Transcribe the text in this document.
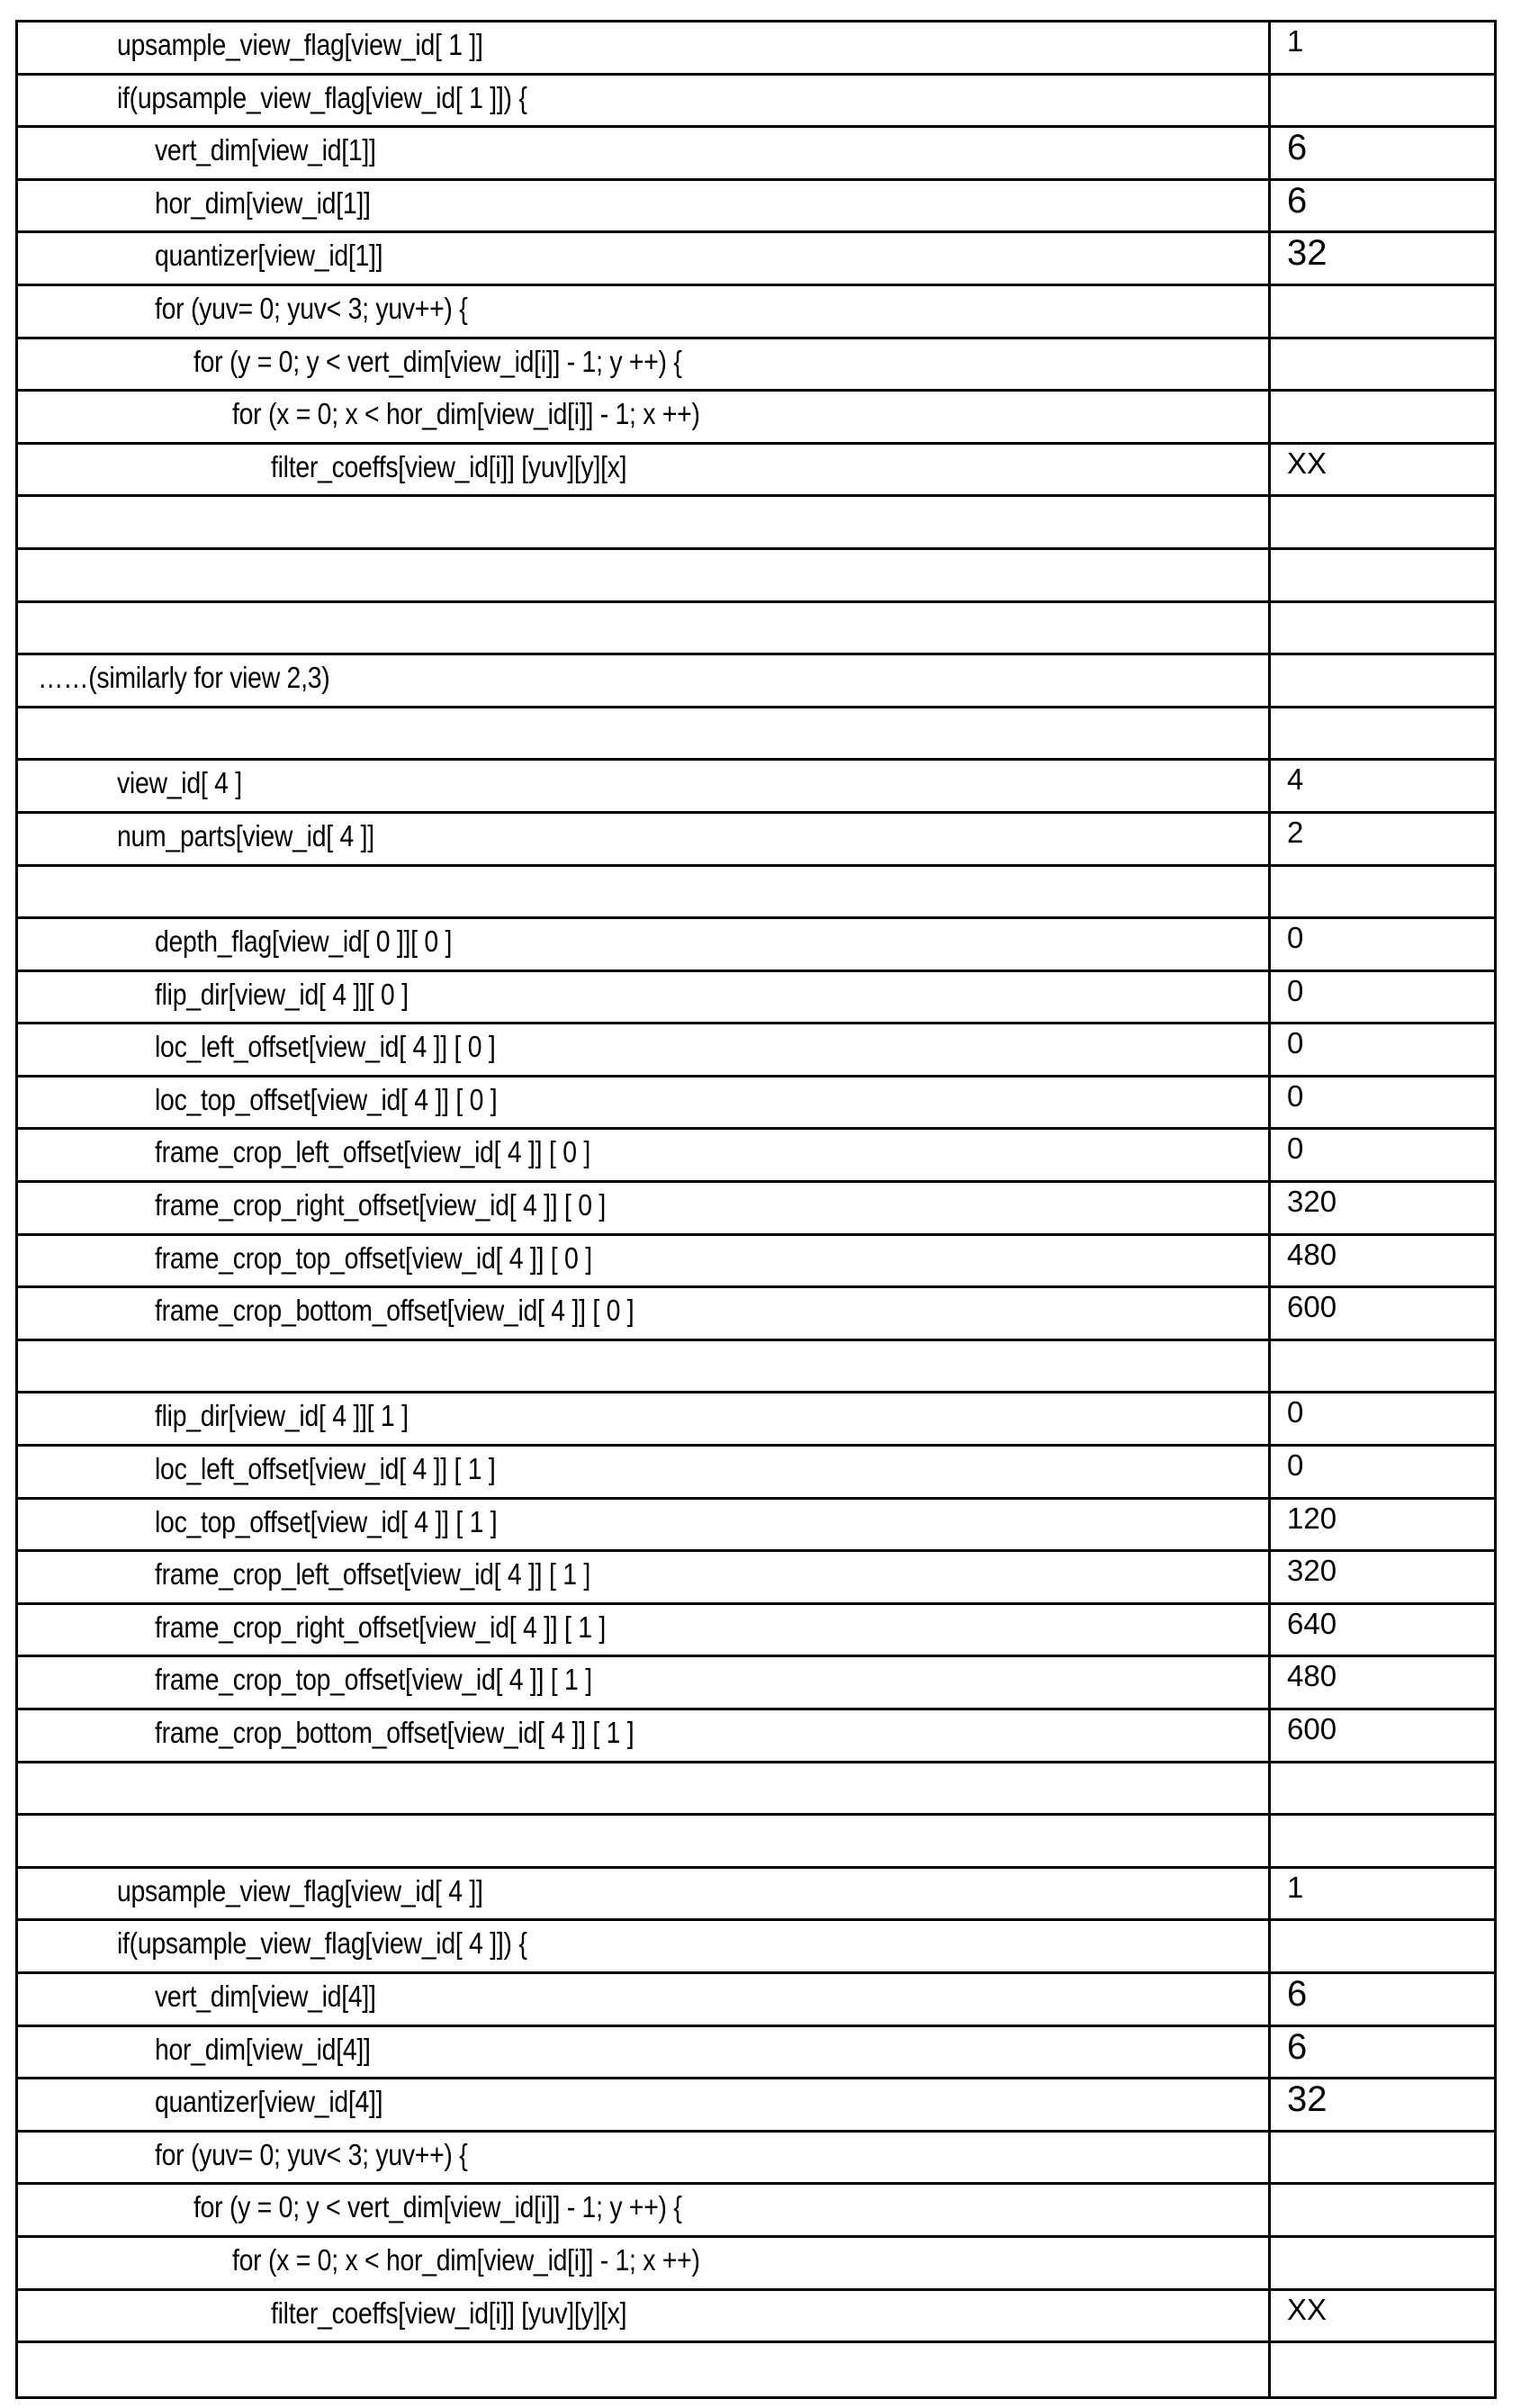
upsample_view_flag[view_id[ 1 ]]	1
if(upsample_view_flag[view_id[ 1 ]]) {
vert_dim[view_id[1]]	6
hor_dim[view_id[1]]	6
quantizer[view_id[1]]	32
for (yuv= 0; yuv< 3; yuv++) {
for (y = 0; y < vert_dim[view_id[i]] - 1; y ++) {
for (x = 0; x < hor_dim[view_id[i]] - 1; x ++)
filter_coeffs[view_id[i]] [yuv][y][x]	XX
……(similarly for view 2,3)
view_id[ 4 ]	4
num_parts[view_id[ 4 ]]	2
depth_flag[view_id[ 0 ]][ 0 ]	0
flip_dir[view_id[ 4 ]][ 0 ]	0
loc_left_offset[view_id[ 4 ]] [ 0 ]	0
loc_top_offset[view_id[ 4 ]] [ 0 ]	0
frame_crop_left_offset[view_id[ 4 ]] [ 0 ]	0
frame_crop_right_offset[view_id[ 4 ]] [ 0 ]	320
frame_crop_top_offset[view_id[ 4 ]] [ 0 ]	480
frame_crop_bottom_offset[view_id[ 4 ]] [ 0 ]	600
flip_dir[view_id[ 4 ]][ 1 ]	0
loc_left_offset[view_id[ 4 ]] [ 1 ]	0
loc_top_offset[view_id[ 4 ]] [ 1 ]	120
frame_crop_left_offset[view_id[ 4 ]] [ 1 ]	320
frame_crop_right_offset[view_id[ 4 ]] [ 1 ]	640
frame_crop_top_offset[view_id[ 4 ]] [ 1 ]	480
frame_crop_bottom_offset[view_id[ 4 ]] [ 1 ]	600
upsample_view_flag[view_id[ 4 ]]	1
if(upsample_view_flag[view_id[ 4 ]]) {
vert_dim[view_id[4]]	6
hor_dim[view_id[4]]	6
quantizer[view_id[4]]	32
for (yuv= 0; yuv< 3; yuv++) {
for (y = 0; y < vert_dim[view_id[i]] - 1; y ++) {
for (x = 0; x < hor_dim[view_id[i]] - 1; x ++)
filter_coeffs[view_id[i]] [yuv][y][x]	XX
